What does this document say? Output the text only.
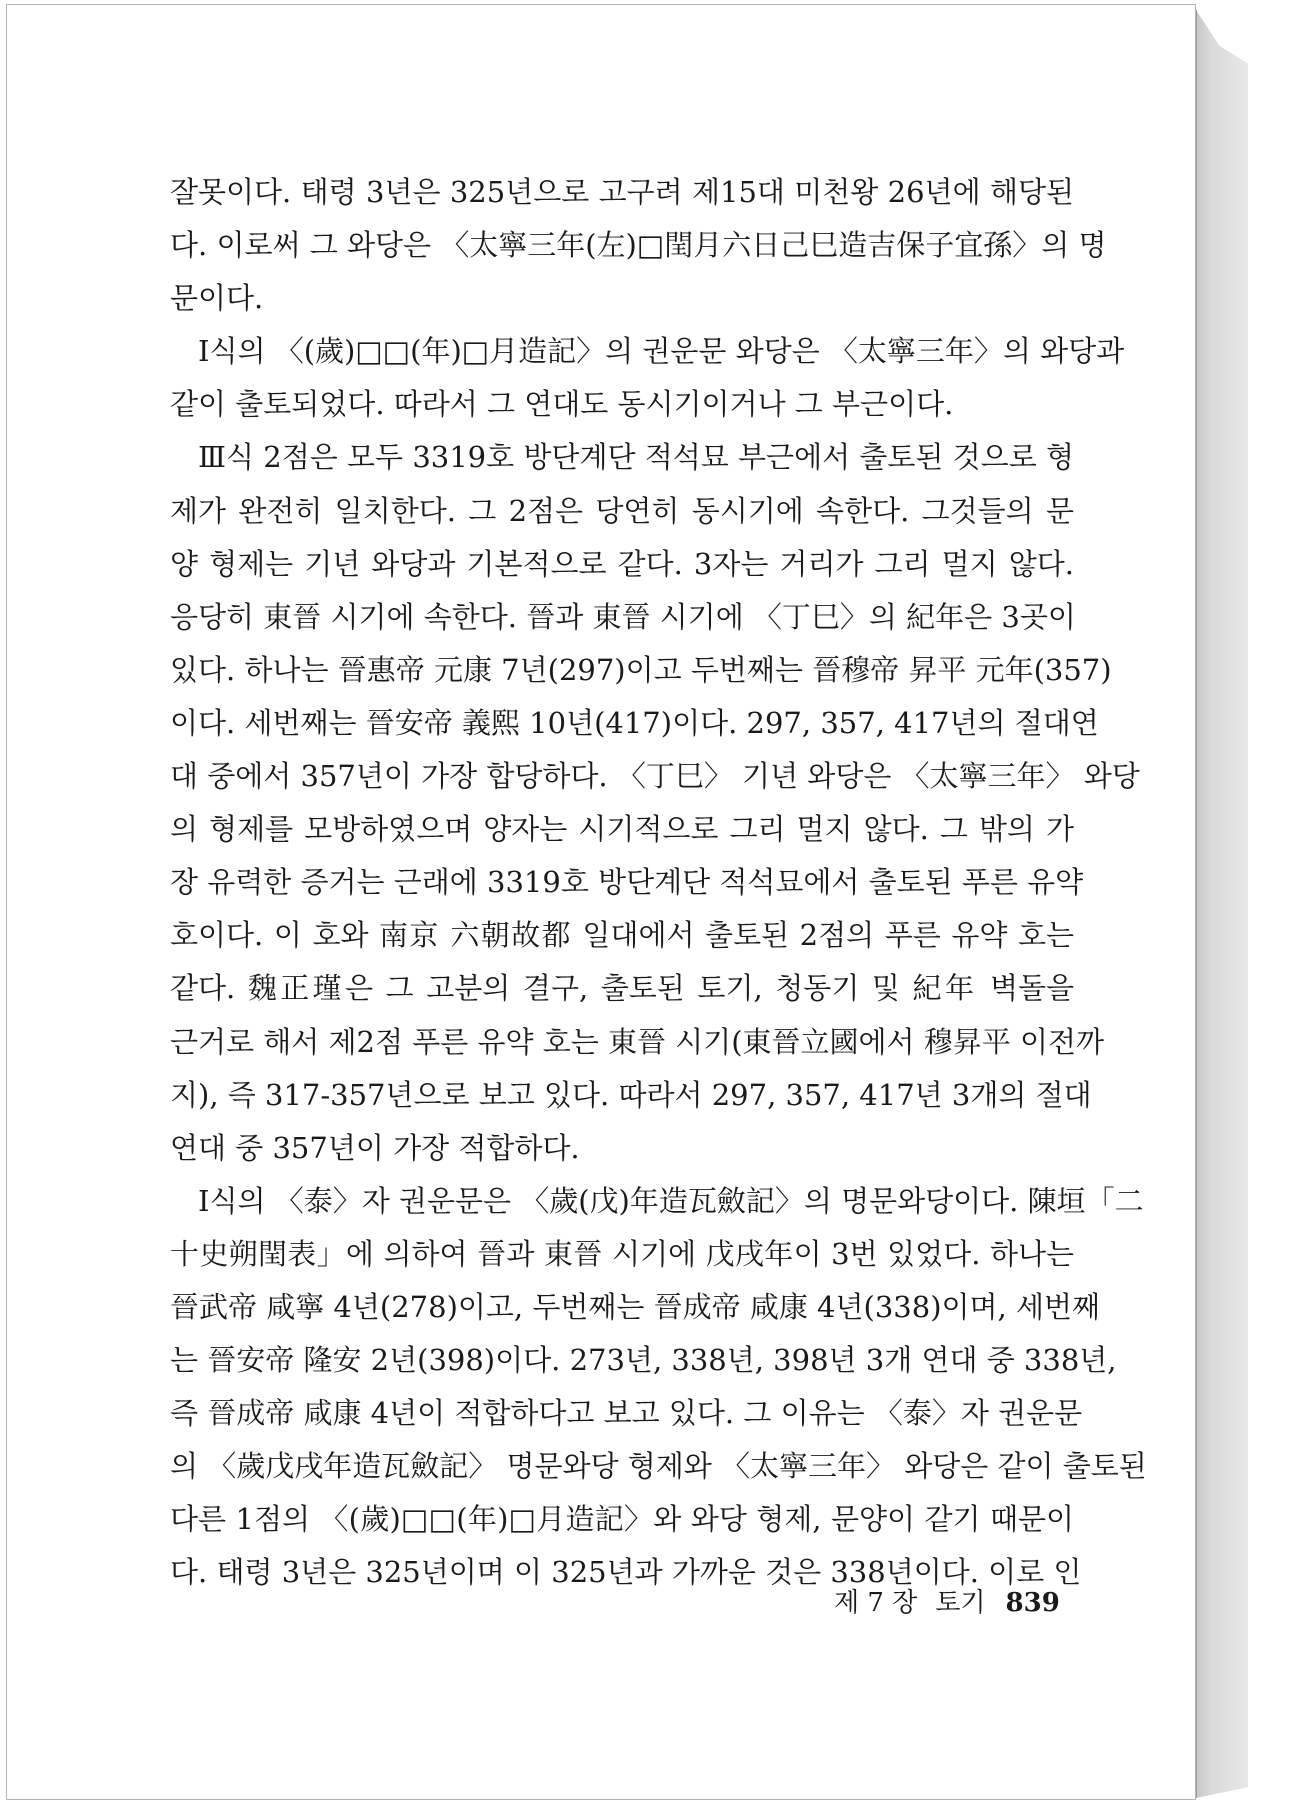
잘못이다. 태령 3년은 325년으로 고구려 제15대 미천왕 26년에 해당된
다. 이로써 그 와당은 〈太寧三年(左)□閏月六日己巳造吉保子宜孫〉의 명
문이다.
Ⅰ식의 〈(歲)□□(年)□月造記〉의 권운문 와당은 〈太寧三年〉의 와당과
같이 출토되었다. 따라서 그 연대도 동시기이거나 그 부근이다.
Ⅲ식 2점은 모두 3319호 방단계단 적석묘 부근에서 출토된 것으로 형
제가 완전히 일치한다. 그 2점은 당연히 동시기에 속한다. 그것들의 문
양 형제는 기년 와당과 기본적으로 같다. 3자는 거리가 그리 멀지 않다.
응당히 東晉 시기에 속한다. 晉과 東晉 시기에 〈丁巳〉의 紀年은 3곳이
있다. 하나는 晉惠帝 元康 7년(297)이고 두번째는 晉穆帝 昇平 元年(357)
이다. 세번째는 晉安帝 義熙 10년(417)이다. 297, 357, 417년의 절대연
대 중에서 357년이 가장 합당하다. 〈丁巳〉 기년 와당은 〈太寧三年〉 와당
의 형제를 모방하였으며 양자는 시기적으로 그리 멀지 않다. 그 밖의 가
장 유력한 증거는 근래에 3319호 방단계단 적석묘에서 출토된 푸른 유약
호이다. 이 호와 南京 六朝故都 일대에서 출토된 2점의 푸른 유약 호는
같다. 魏正瑾은 그 고분의 결구, 출토된 토기, 청동기 및 紀年 벽돌을
근거로 해서 제2점 푸른 유약 호는 東晉 시기(東晉立國에서 穆昇平 이전까
지), 즉 317-357년으로 보고 있다. 따라서 297, 357, 417년 3개의 절대
연대 중 357년이 가장 적합하다.
Ⅰ식의 〈泰〉자 권운문은 〈歲(戊)年造瓦斂記〉의 명문와당이다. 陳垣「二
十史朔閏表」에 의하여 晉과 東晉 시기에 戊戌年이 3번 있었다. 하나는
晉武帝 咸寧 4년(278)이고, 두번째는 晉成帝 咸康 4년(338)이며, 세번째
는 晉安帝 隆安 2년(398)이다. 273년, 338년, 398년 3개 연대 중 338년,
즉 晉成帝 咸康 4년이 적합하다고 보고 있다. 그 이유는 〈泰〉자 권운문
의 〈歲戊戌年造瓦斂記〉 명문와당 형제와 〈太寧三年〉 와당은 같이 출토된
다른 1점의 〈(歲)□□(年)□月造記〉와 와당 형제, 문양이 같기 때문이
다. 태령 3년은 325년이며 이 325년과 가까운 것은 338년이다. 이로 인
제 7 장 토기 839
